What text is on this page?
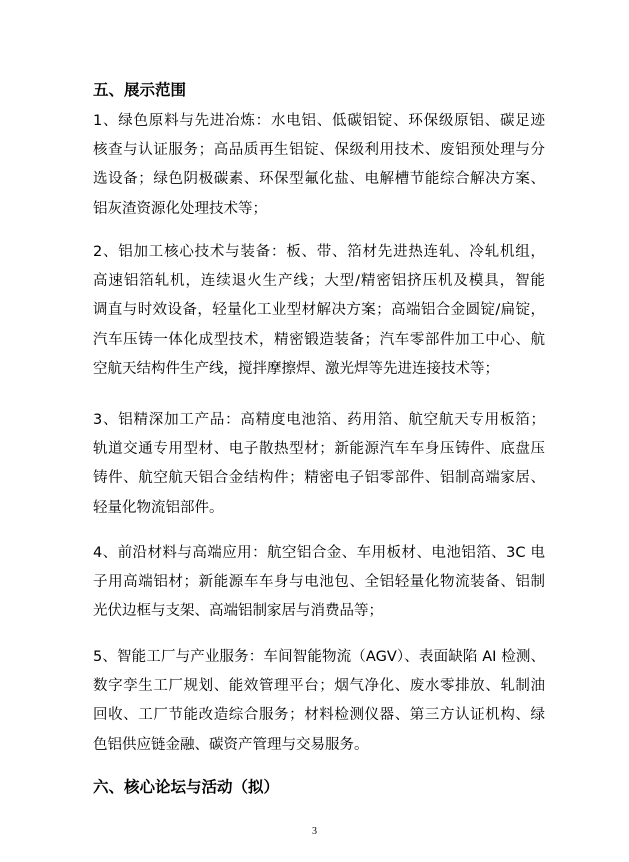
五、展示范围
1、绿色原料与先进冶炼：水电铝、低碳铝锭、环保级原铝、碳足迹
核查与认证服务；高品质再生铝锭、保级利用技术、废铝预处理与分
选设备；绿色阴极碳素、环保型氟化盐、电解槽节能综合解决方案、
铝灰渣资源化处理技术等；
2、铝加工核心技术与装备：板、带、箔材先进热连轧、冷轧机组，
高速铝箔轧机，连续退火生产线；大型/精密铝挤压机及模具，智能
调直与时效设备，轻量化工业型材解决方案；高端铝合金圆锭/扁锭，
汽车压铸一体化成型技术，精密锻造装备；汽车零部件加工中心、航
空航天结构件生产线，搅拌摩擦焊、激光焊等先进连接技术等；
3、铝精深加工产品：高精度电池箔、药用箔、航空航天专用板箔；
轨道交通专用型材、电子散热型材；新能源汽车车身压铸件、底盘压
铸件、航空航天铝合金结构件；精密电子铝零部件、铝制高端家居、
轻量化物流铝部件。
4、前沿材料与高端应用：航空铝合金、车用板材、电池铝箔、3C 电
子用高端铝材；新能源车车身与电池包、全铝轻量化物流装备、铝制
光伏边框与支架、高端铝制家居与消费品等；
5、智能工厂与产业服务：车间智能物流（AGV）、表面缺陷 AI 检测、
数字孪生工厂规划、能效管理平台；烟气净化、废水零排放、轧制油
回收、工厂节能改造综合服务；材料检测仪器、第三方认证机构、绿
色铝供应链金融、碳资产管理与交易服务。
六、核心论坛与活动（拟）
3
